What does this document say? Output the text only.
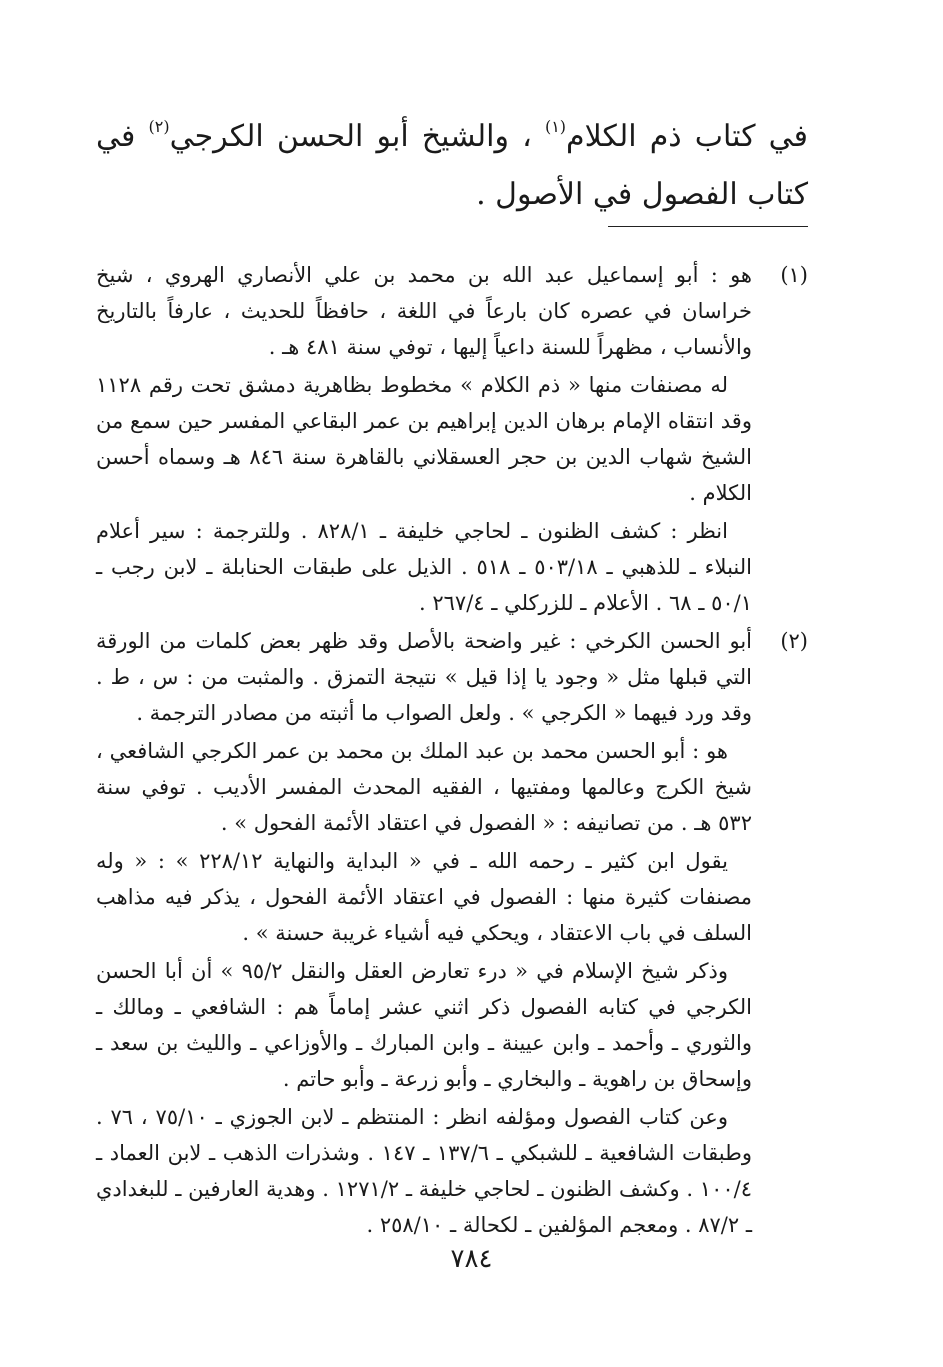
في كتاب ذم الكلام$^{(١)}$ ، والشيخ أبو الحسن الكرجي$^{(٢)}$ في كتاب الفصول في الأصول .

(١)

هو : أبو إسماعيل عبد الله بن محمد بن علي الأنصاري الهروي ، شيخ خراسان في عصره كان بارعاً في اللغة ، حافظاً للحديث ، عارفاً بالتاريخ والأنساب ، مظهراً للسنة داعياً إليها ، توفي سنة ٤٨١ هـ .

له مصنفات منها « ذم الكلام » مخطوط بظاهرية دمشق تحت رقم ١١٢٨ وقد انتقاه الإمام برهان الدين إبراهيم بن عمر البقاعي المفسر حين سمع من الشيخ شهاب الدين بن حجر العسقلاني بالقاهرة سنة ٨٤٦ هـ وسماه أحسن الكلام .

انظر : كشف الظنون ـ لحاجي خليفة ـ ٨٢٨/١ . وللترجمة : سير أعلام النبلاء ـ للذهبي ـ ٥٠٣/١٨ ـ ٥١٨ . الذيل على طبقات الحنابلة ـ لابن رجب ـ ٥٠/١ ـ ٦٨ . الأعلام ـ للزركلي ـ ٢٦٧/٤ .

(٢)

أبو الحسن الكرخي : غير واضحة بالأصل وقد ظهر بعض كلمات من الورقة التي قبلها مثل « وجود يا إذا قيل » نتيجة التمزق . والمثبت من : س ، ط . وقد ورد فيهما « الكرجي » . ولعل الصواب ما أثبته من مصادر الترجمة .

هو : أبو الحسن محمد بن عبد الملك بن محمد بن عمر الكرجي الشافعي ، شيخ الكرج وعالمها ومفتيها ، الفقيه المحدث المفسر الأديب . توفي سنة ٥٣٢ هـ . من تصانيفه : « الفصول في اعتقاد الأئمة الفحول » .

يقول ابن كثير ـ رحمه الله ـ في « البداية والنهاية ٢٢٨/١٢ » : « وله مصنفات كثيرة منها : الفصول في اعتقاد الأئمة الفحول ، يذكر فيه مذاهب السلف في باب الاعتقاد ، ويحكي فيه أشياء غريبة حسنة » .

وذكر شيخ الإسلام في « درء تعارض العقل والنقل ٩٥/٢ » أن أبا الحسن الكرجي في كتابه الفصول ذكر اثني عشر إماماً هم : الشافعي ـ ومالك ـ والثوري ـ وأحمد ـ وابن عيينة ـ وابن المبارك ـ والأوزاعي ـ والليث بن سعد ـ وإسحاق بن راهوية ـ والبخاري ـ وأبو زرعة ـ وأبو حاتم .

وعن كتاب الفصول ومؤلفه انظر : المنتظم ـ لابن الجوزي ـ ٧٥/١٠ ، ٧٦ . وطبقات الشافعية ـ للشبكي ـ ١٣٧/٦ ـ ١٤٧ . وشذرات الذهب ـ لابن العماد ـ ١٠٠/٤ . وكشف الظنون ـ لحاجي خليفة ـ ١٢٧١/٢ . وهدية العارفين ـ للبغدادي ـ ٨٧/٢ . ومعجم المؤلفين ـ لكحالة ـ ٢٥٨/١٠ .

٧٨٤
